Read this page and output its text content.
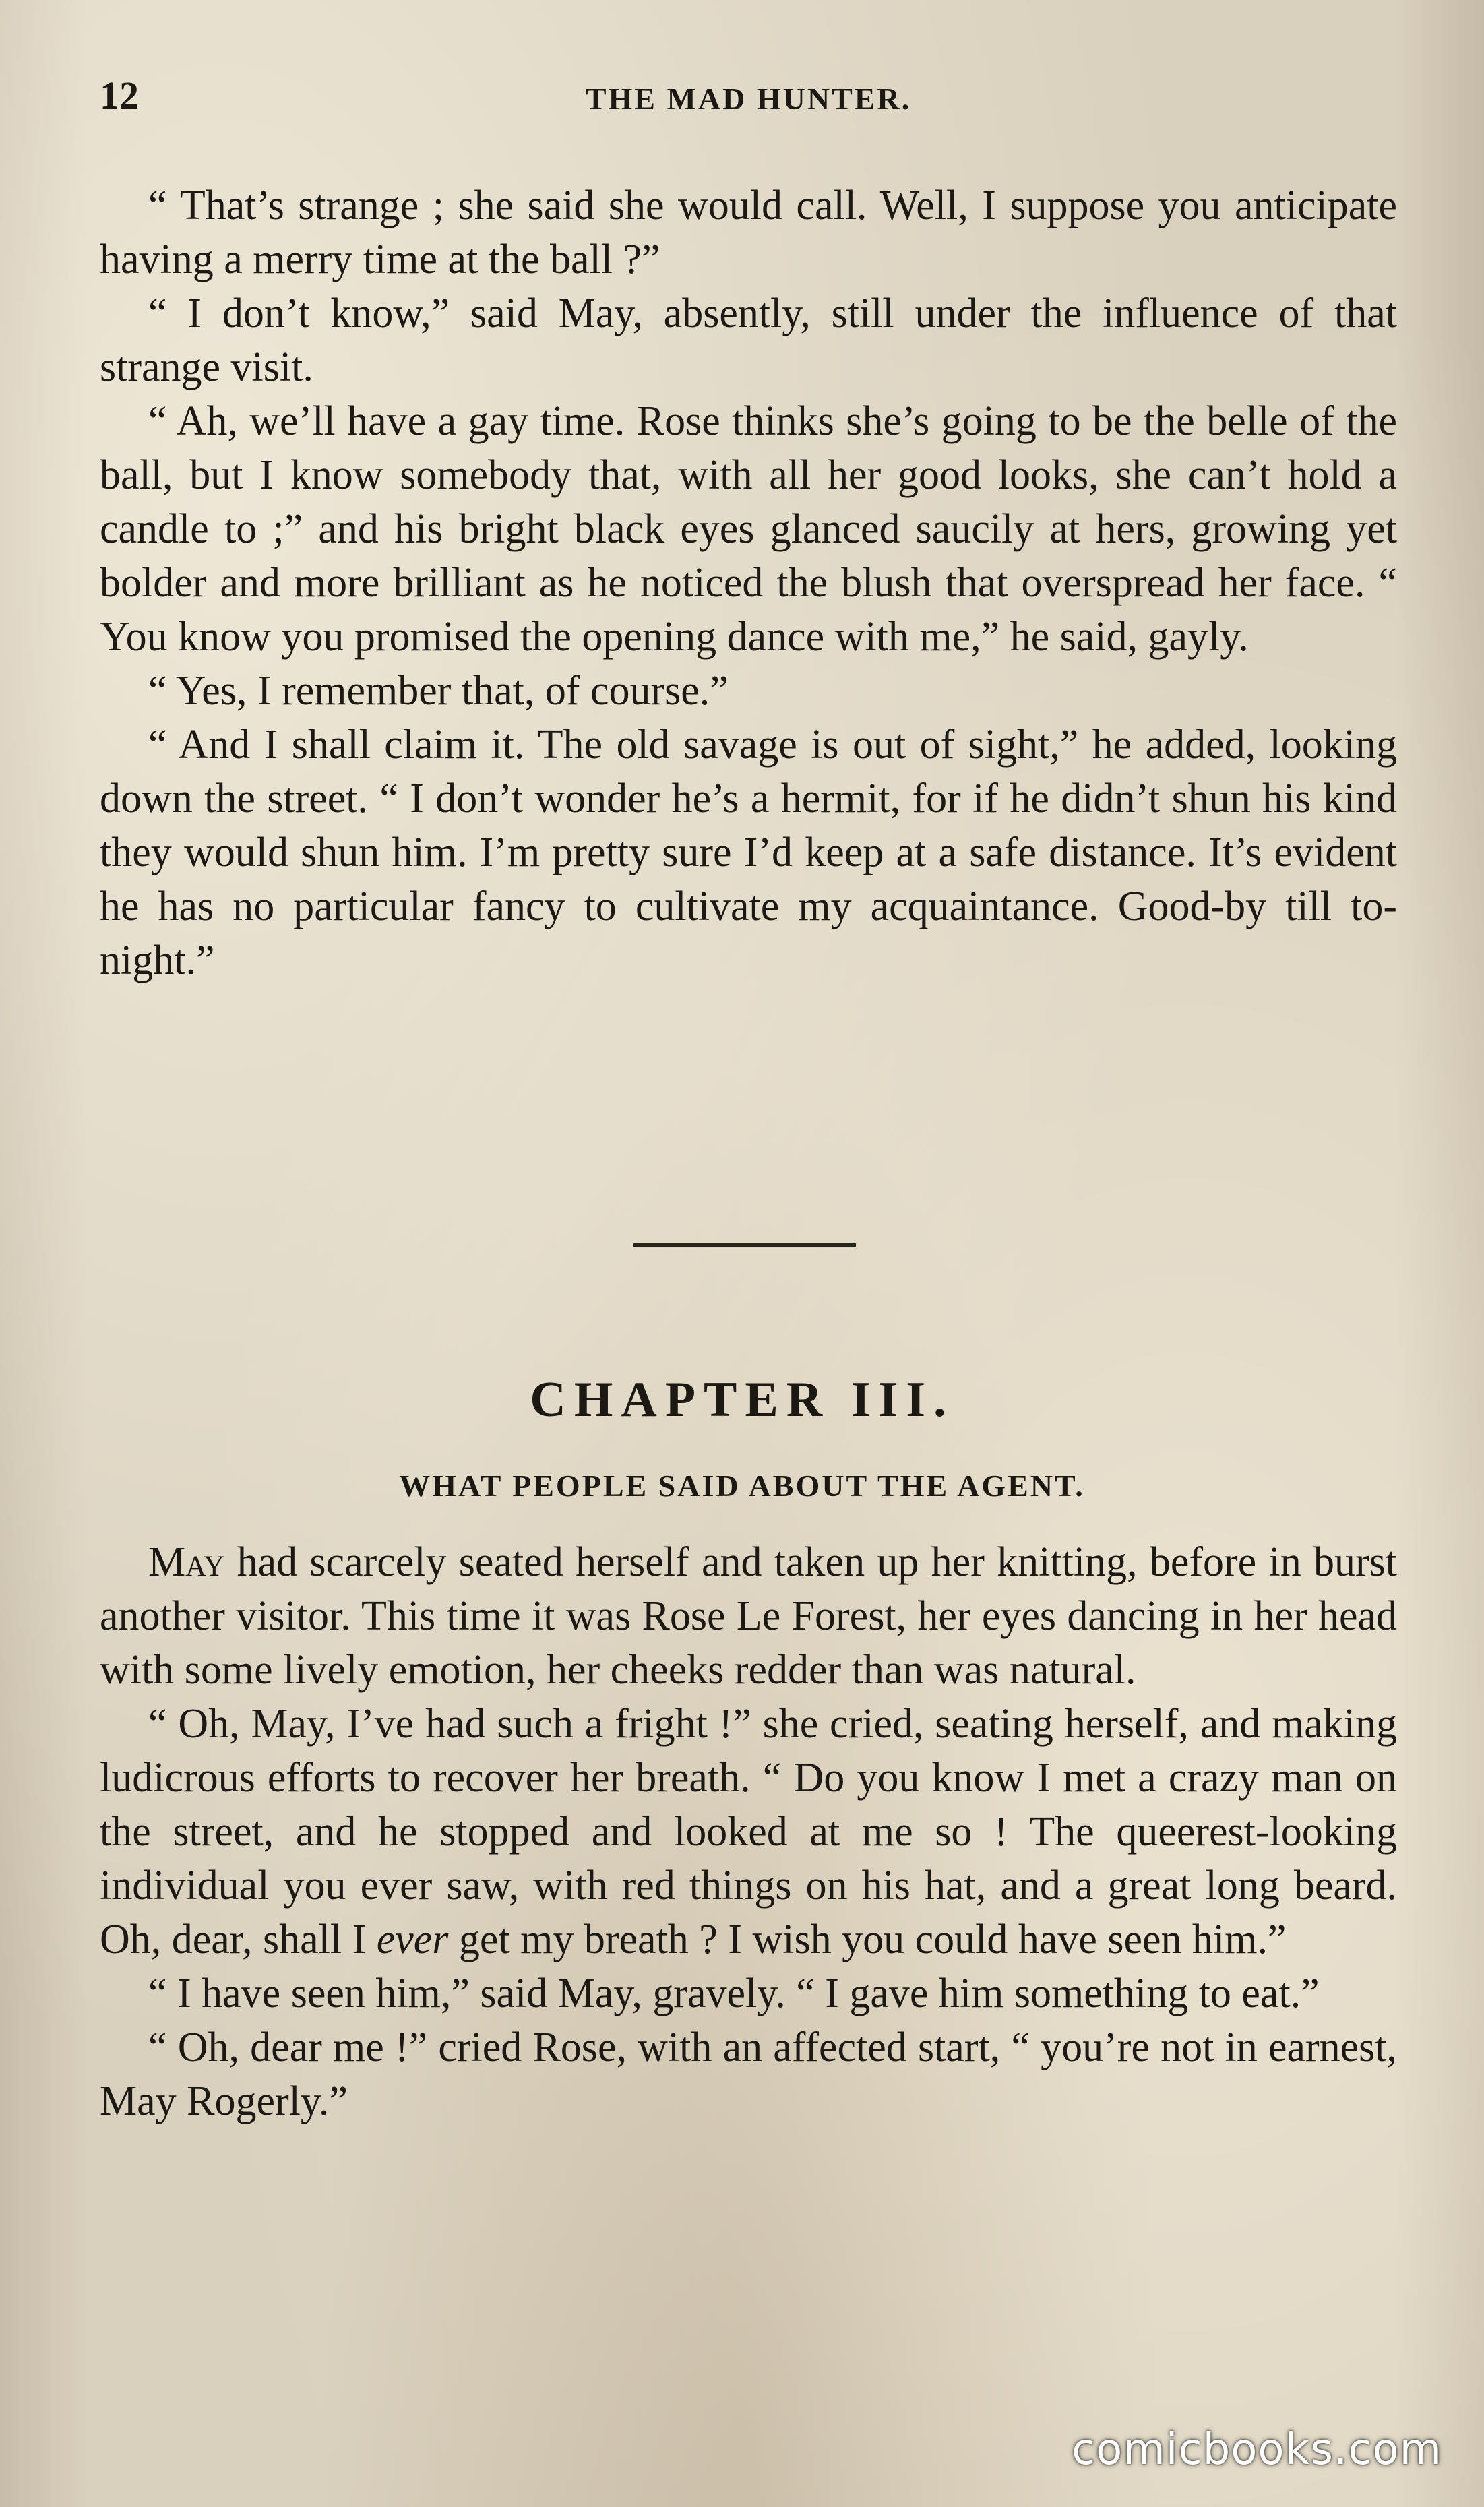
12	THE MAD HUNTER.

“ That’s strange ; she said she would call. Well, I suppose you anticipate having a merry time at the ball ?”

“ I don’t know,” said May, absently, still under the influence of that strange visit.

“ Ah, we’ll have a gay time. Rose thinks she’s going to be the belle of the ball, but I know somebody that, with all her good looks, she can’t hold a candle to ;” and his bright black eyes glanced saucily at hers, growing yet bolder and more brilliant as he noticed the blush that overspread her face. “ You know you promised the opening dance with me,” he said, gayly.

“ Yes, I remember that, of course.”

“ And I shall claim it. The old savage is out of sight,” he added, looking down the street. “ I don’t wonder he’s a hermit, for if he didn’t shun his kind they would shun him. I’m pretty sure I’d keep at a safe distance. It’s evident he has no particular fancy to cultivate my acquaintance. Good-by till to-night.”

CHAPTER III.
WHAT PEOPLE SAID ABOUT THE AGENT.

May had scarcely seated herself and taken up her knitting, before in burst another visitor. This time it was Rose Le Forest, her eyes dancing in her head with some lively emotion, her cheeks redder than was natural.

“ Oh, May, I’ve had such a fright !” she cried, seating herself, and making ludicrous efforts to recover her breath. “ Do you know I met a crazy man on the street, and he stopped and looked at me so ! The queerest-looking individual you ever saw, with red things on his hat, and a great long beard. Oh, dear, shall I ever get my breath ? I wish you could have seen him.”

“ I have seen him,” said May, gravely. “ I gave him something to eat.”

“ Oh, dear me !” cried Rose, with an affected start, “ you’re not in earnest, May Rogerly.”

comicbooks.com
